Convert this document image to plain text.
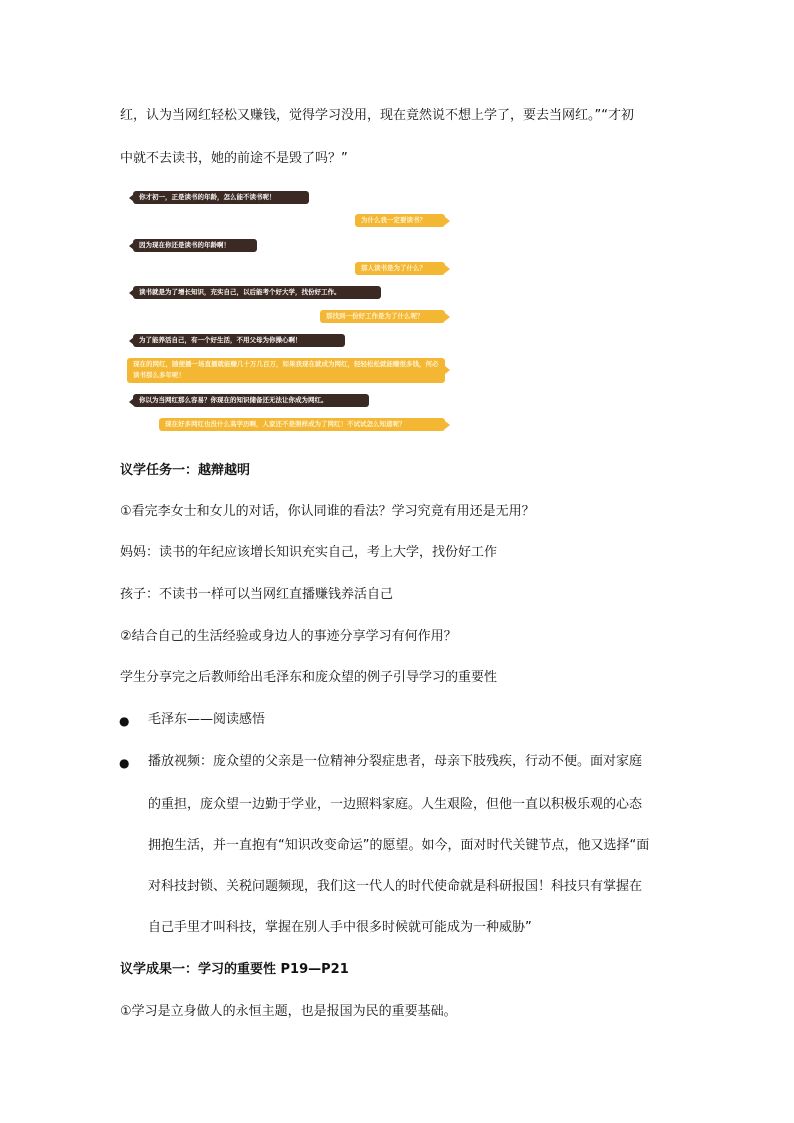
红，认为当网红轻松又赚钱，觉得学习没用，现在竟然说不想上学了，要去当网红。”“才初
中就不去读书，她的前途不是毁了吗？”
你才初一，正是读书的年龄，怎么能不读书呢！
为什么我一定要读书？
因为现在你还是读书的年龄啊！
那人读书是为了什么？
读书就是为了增长知识，充实自己，以后能考个好大学，找份好工作。
那找到一份好工作是为了什么呢？
为了能养活自己，有一个好生活，不用父母为你操心啊！
现在的网红，随便播一场直播就能赚几十万几百万，如果我现在就成为网红，轻轻松松就能赚很多钱，何必读书那么多年呢！
你以为当网红那么容易？你现在的知识储备还无法让你成为网红。
现在好多网红也没什么高学历啊，人家还不是照样成为了网红！不试试怎么知道呢？
议学任务一：越辩越明
①看完李女士和女儿的对话，你认同谁的看法？学习究竟有用还是无用？
妈妈：读书的年纪应该增长知识充实自己，考上大学，找份好工作
孩子：不读书一样可以当网红直播赚钱养活自己
②结合自己的生活经验或身边人的事迹分享学习有何作用？
学生分享完之后教师给出毛泽东和庞众望的例子引导学习的重要性
● 毛泽东——阅读感悟
● 播放视频：庞众望的父亲是一位精神分裂症患者，母亲下肢残疾，行动不便。面对家庭
的重担，庞众望一边勤于学业，一边照料家庭。人生艰险，但他一直以积极乐观的心态
拥抱生活，并一直抱有“知识改变命运”的愿望。如今，面对时代关键节点，他又选择“面
对科技封锁、关税问题频现，我们这一代人的时代使命就是科研报国！科技只有掌握在
自己手里才叫科技，掌握在别人手中很多时候就可能成为一种威胁”
议学成果一：学习的重要性 P19—P21
①学习是立身做人的永恒主题，也是报国为民的重要基础。
